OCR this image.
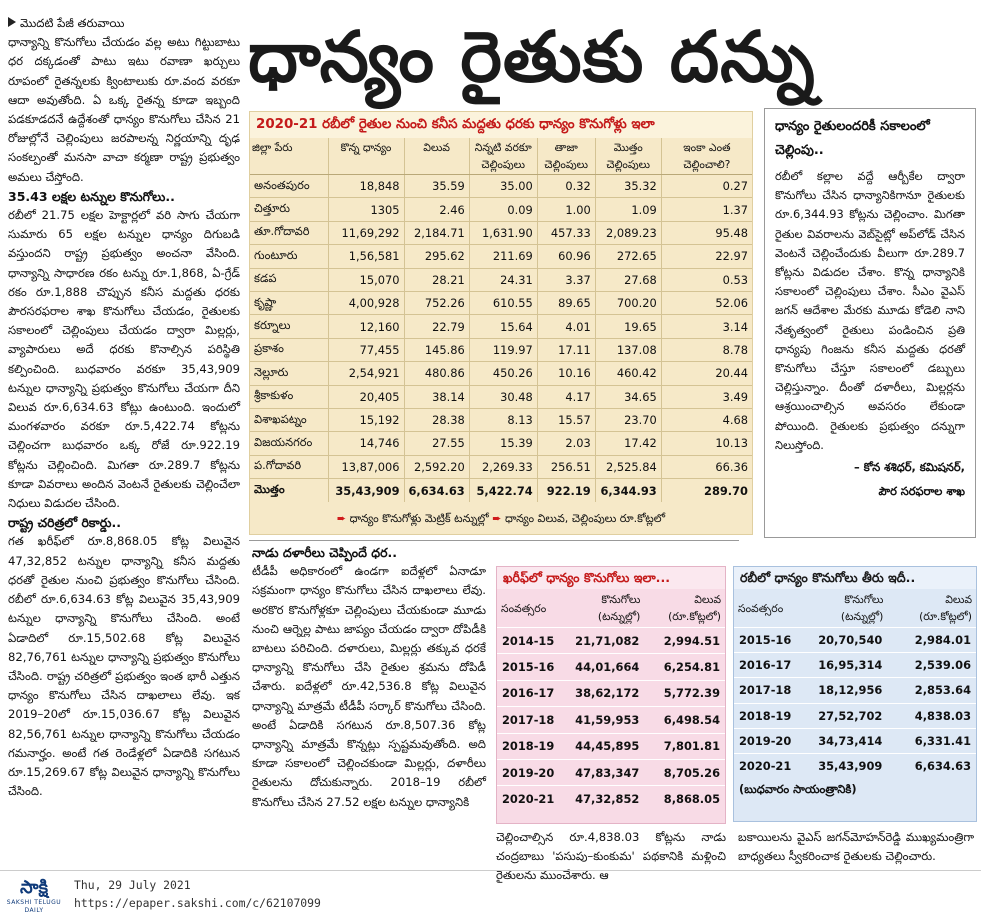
ధాన్యం రైతుకు దన్ను

మొదటి పేజీ తరువాయి

ధాన్యాన్ని కొనుగోలు చేయడం వల్ల అటు గిట్టుబాటు ధర దక్కడంతో పాటు ఇటు రవాణా ఖర్చులు రూపంలో రైతన్నలకు క్వింటాలుకు రూ.వంద వరకూ ఆదా అవుతోంది. ఏ ఒక్క రైతన్న కూడా ఇబ్బంది పడకూడదనే ఉద్దేశంతో ధాన్యం కొనుగోలు చేసిన 21 రోజుల్లోనే చెల్లింపులు జరపాలన్న నిర్ణయాన్ని దృఢ సంకల్పంతో మనసా వాచా కర్మణా రాష్ట్ర ప్రభుత్వం అమలు చేస్తోంది.

35.43 లక్షల టన్నుల కొనుగోలు..

రబీలో 21.75 లక్షల హెక్టార్లలో వరి సాగు చేయగా సుమారు 65 లక్షల టన్నుల ధాన్యం దిగుబడి వస్తుందని రాష్ట్ర ప్రభుత్వం అంచనా వేసింది. ధాన్యాన్ని సాధారణ రకం టన్ను రూ.1,868, ఏ-గ్రేడ్ రకం రూ.1,888 చొప్పున కనీస మద్దతు ధరకు పౌరసరఫరాల శాఖ కొనుగోలు చేయడం, రైతులకు సకాలంలో చెల్లింపులు చేయడం ద్వారా మిల్లర్లు, వ్యాపారులు అదే ధరకు కొనాల్సిన పరిస్థితి కల్పించింది. బుధవారం వరకూ 35,43,909 టన్నుల ధాన్యాన్ని ప్రభుత్వం కొనుగోలు చేయగా దీని విలువ రూ.6,634.63 కోట్లు ఉంటుంది. ఇందులో మంగళవారం వరకూ రూ.5,422.74 కోట్లను చెల్లించగా బుధవారం ఒక్క రోజే రూ.922.19 కోట్లను చెల్లించింది. మిగతా రూ.289.7 కోట్లను కూడా వివరాలు అందిన వెంటనే రైతులకు చెల్లించేలా నిధులు విడుదల చేసింది.

రాష్ట్ర చరిత్రలో రికార్డు..

గత ఖరీఫ్‌లో రూ.8,868.05 కోట్ల విలువైన 47,32,852 టన్నుల ధాన్యాన్ని కనీస మద్దతు ధరతో రైతుల నుంచి ప్రభుత్వం కొనుగోలు చేసింది. రబీలో రూ.6,634.63 కోట్ల విలువైన 35,43,909 టన్నుల ధాన్యాన్ని కొనుగోలు చేసింది. అంటే ఏడాదిలో రూ.15,502.68 కోట్ల విలువైన 82,76,761 టన్నుల ధాన్యాన్ని ప్రభుత్వం కొనుగోలు చేసింది. రాష్ట్ర చరిత్రలో ప్రభుత్వం ఇంత భారీ ఎత్తున ధాన్యం కొనుగోలు చేసిన దాఖలాలు లేవు. ఇక 2019–20లో రూ.15,036.67 కోట్ల విలువైన 82,56,761 టన్నుల ధాన్యాన్ని కొనుగోలు చేయడం గమనార్హం. అంటే గత రెండేళ్లలో ఏడాదికి సగటున రూ.15,269.67 కోట్ల విలువైన ధాన్యాన్ని కొనుగోలు చేసింది.

2020-21 రబీలో రైతుల నుంచి కనీస మద్దతు ధరకు ధాన్యం కొనుగోళ్లు ఇలా
జిల్లా పేరు	కొన్న ధాన్యం	విలువ	నిన్నటి వరకూ చెల్లింపులు	తాజా చెల్లింపులు	మొత్తం చెల్లింపులు	ఇంకా ఎంత చెల్లించాలి?
అనంతపురం	18,848	35.59	35.00	0.32	35.32	0.27
చిత్తూరు	1305	2.46	0.09	1.00	1.09	1.37
తూ.గోదావరి	11,69,292	2,184.71	1,631.90	457.33	2,089.23	95.48
గుంటూరు	1,56,581	295.62	211.69	60.96	272.65	22.97
కడప	15,070	28.21	24.31	3.37	27.68	0.53
కృష్ణా	4,00,928	752.26	610.55	89.65	700.20	52.06
కర్నూలు	12,160	22.79	15.64	4.01	19.65	3.14
ప్రకాశం	77,455	145.86	119.97	17.11	137.08	8.78
నెల్లూరు	2,54,921	480.86	450.26	10.16	460.42	20.44
శ్రీకాకుళం	20,405	38.14	30.48	4.17	34.65	3.49
విశాఖపట్నం	15,192	28.38	8.13	15.57	23.70	4.68
విజయనగరం	14,746	27.55	15.39	2.03	17.42	10.13
ప.గోదావరి	13,87,006	2,592.20	2,269.33	256.51	2,525.84	66.36
మొత్తం	35,43,909	6,634.63	5,422.74	922.19	6,344.93	289.70
➨ ధాన్యం కొనుగోళ్లు మెట్రిక్ టన్నుల్లో ➨ ధాన్యం విలువ, చెల్లింపులు రూ.కోట్లలో
ధాన్యం రైతులందరికీ సకాలంలో చెల్లింపు..
రబీలో కల్లాల వద్దే ఆర్బీకేల ద్వారా కొనుగోలు చేసిన ధాన్యానికిగానూ రైతులకు రూ.6,344.93 కోట్లను చెల్లించాం. మిగతా రైతుల వివరాలను వెబ్‌సైట్లో అప్‌లోడ్ చేసిన వెంటనే చెల్లించేందుకు వీలుగా రూ.289.7 కోట్లను విడుదల చేశాం. కొన్న ధాన్యానికి సకాలంలో చెల్లింపులు చేశాం. సీఎం వైఎస్ జగన్ ఆదేశాల మేరకు మూడు కోడెలి నాని నేతృత్వంలో రైతులు పండించిన ప్రతి ధాన్యపు గింజను కనీస మద్దతు ధరతో కొనుగోలు చేస్తూ సకాలంలో డబ్బులు చెల్లిస్తున్నాం. దీంతో దళారీలు, మిల్లర్లను ఆశ్రయించాల్సిన అవసరం లేకుండా పోయింది. రైతులకు ప్రభుత్వం దన్నుగా నిలుస్తోంది.
– కోన శశిధర్, కమిషనర్,
పౌర సరఫరాల శాఖ

నాడు దళారీలు చెప్పిందే ధర..

టీడీపీ అధికారంలో ఉండగా ఐదేళ్లలో ఏనాడూ సక్రమంగా ధాన్యం కొనుగోలు చేసిన దాఖలాలు లేవు. అరకొర కొనుగోళ్లకూ చెల్లింపులు చేయకుండా మూడు నుంచి ఆర్నెల్ల పాటు జాప్యం చేయడం ద్వారా దోపిడీకి బాటలు పరిచింది. దళారులు, మిల్లర్లు తక్కువ ధరకే ధాన్యాన్ని కొనుగోలు చేసి రైతుల శ్రమను దోపిడీ చేశారు. ఐదేళ్లలో రూ.42,536.8 కోట్ల విలువైన ధాన్యాన్ని మాత్రమే టీడీపీ సర్కార్ కొనుగోలు చేసింది. అంటే ఏడాదికి సగటున రూ.8,507.36 కోట్ల ధాన్యాన్ని మాత్రమే కొన్నట్లు స్పష్టమవుతోంది. అది కూడా సకాలంలో చెల్లించకుండా మిల్లర్లు, దళారీలు రైతులను దోచుకున్నారు. 2018–19 రబీలో కొనుగోలు చేసిన 27.52 లక్షల టన్నుల ధాన్యానికి

ఖరీఫ్‌లో ధాన్యం కొనుగోలు ఇలా...
సంవత్సరం	కొనుగోలు (టన్నుల్లో)	విలువ (రూ.కోట్లలో)
2014-15	21,71,082	2,994.51
2015-16	44,01,664	6,254.81
2016-17	38,62,172	5,772.39
2017-18	41,59,953	6,498.54
2018-19	44,45,895	7,801.81
2019-20	47,83,347	8,705.26
2020-21	47,32,852	8,868.05
రబీలో ధాన్యం కొనుగోలు తీరు ఇదీ..
సంవత్సరం	కొనుగోలు (టన్నుల్లో)	విలువ (రూ.కోట్లలో)
2015-16	20,70,540	2,984.01
2016-17	16,95,314	2,539.06
2017-18	18,12,956	2,853.64
2018-19	27,52,702	4,838.03
2019-20	34,73,414	6,331.41
2020-21	35,43,909	6,634.63
(బుధవారం సాయంత్రానికి)
చెల్లించాల్సిన రూ.4,838.03 కోట్లను నాడు చంద్రబాబు 'పసుపు–కుంకుమ' పథకానికి మళ్లించి రైతులను ముంచేశారు. ఆ
బకాయిలను వైఎస్ జగన్‌మోహన్‌రెడ్డి ముఖ్యమంత్రిగా బాధ్యతలు స్వీకరించాక రైతులకు చెల్లించారు.
సాక్షి
SAKSHI TELUGU DAILY
Thu, 29 July 2021
https://epaper.sakshi.com/c/62107099
